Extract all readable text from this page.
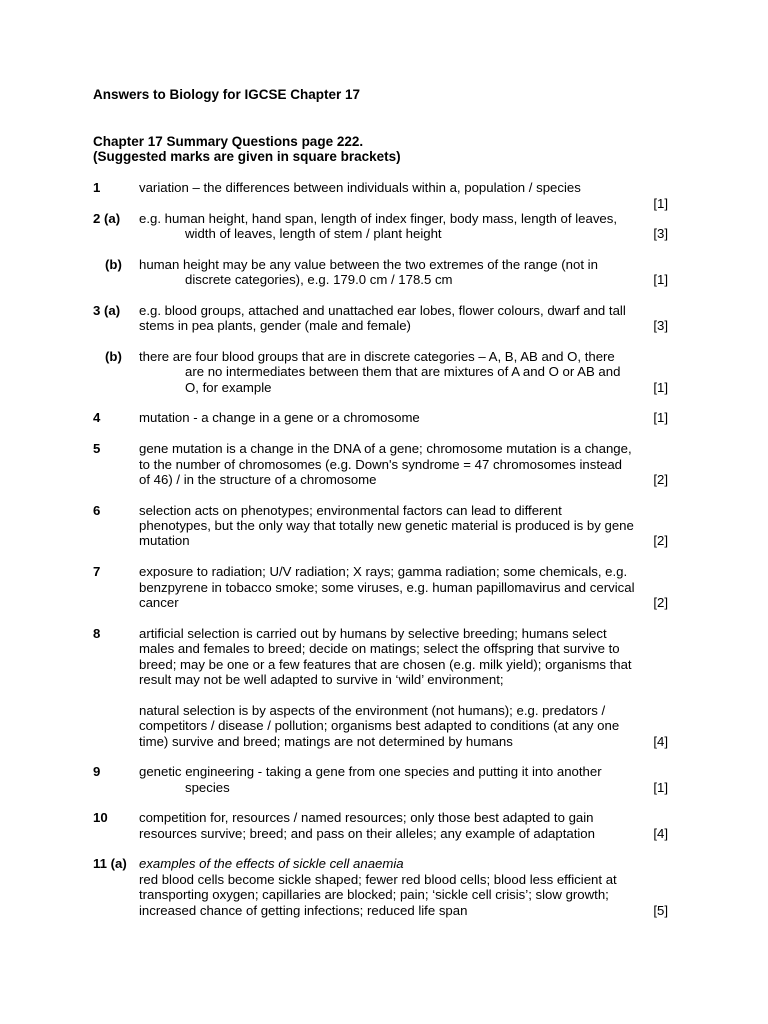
Answers to Biology for IGCSE Chapter 17
Chapter 17 Summary Questions page 222.
(Suggested marks are given in square brackets)
1	variation – the differences between individuals within a, population / species
[1]
2 (a)	e.g. human height, hand span, length of index finger, body mass, length of leaves,
width of leaves, length of stem / plant height	[3]
(b)	human height may be any value between the two extremes of the range (not in
discrete categories), e.g. 179.0 cm / 178.5 cm	[1]
3 (a)	e.g. blood groups, attached and unattached ear lobes, flower colours, dwarf and tall
stems in pea plants, gender (male and female)	[3]
(b)	there are four blood groups that are in discrete categories – A, B, AB and O, there
are no intermediates between them that are mixtures of A and O or AB and
O, for example	[1]
4	mutation - a change in a gene or a chromosome	[1]
5	gene mutation is a change in the DNA of a gene; chromosome mutation is a change,
to the number of chromosomes (e.g. Down's syndrome = 47 chromosomes instead
of 46) / in the structure of a chromosome	[2]
6	selection acts on phenotypes; environmental factors can lead to different
phenotypes, but the only way that totally new genetic material is produced is by gene
mutation	[2]
7	exposure to radiation; U/V radiation; X rays; gamma radiation; some chemicals, e.g.
benzpyrene in tobacco smoke; some viruses, e.g. human papillomavirus and cervical
cancer	[2]
8	artificial selection is carried out by humans by selective breeding; humans select
males and females to breed; decide on matings; select the offspring that survive to
breed; may be one or a few features that are chosen (e.g. milk yield); organisms that
result may not be well adapted to survive in ‘wild’ environment;
natural selection is by aspects of the environment (not humans); e.g. predators /
competitors / disease / pollution; organisms best adapted to conditions (at any one
time) survive and breed; matings are not determined by humans	[4]
9	genetic engineering - taking a gene from one species and putting it into another
species	[1]
10	competition for, resources / named resources; only those best adapted to gain
resources survive; breed; and pass on their alleles; any example of adaptation	[4]
11 (a) examples of the effects of sickle cell anaemia
red blood cells become sickle shaped; fewer red blood cells; blood less efficient at
transporting oxygen; capillaries are blocked; pain; ‘sickle cell crisis’; slow growth;
increased chance of getting infections; reduced life span	[5]
